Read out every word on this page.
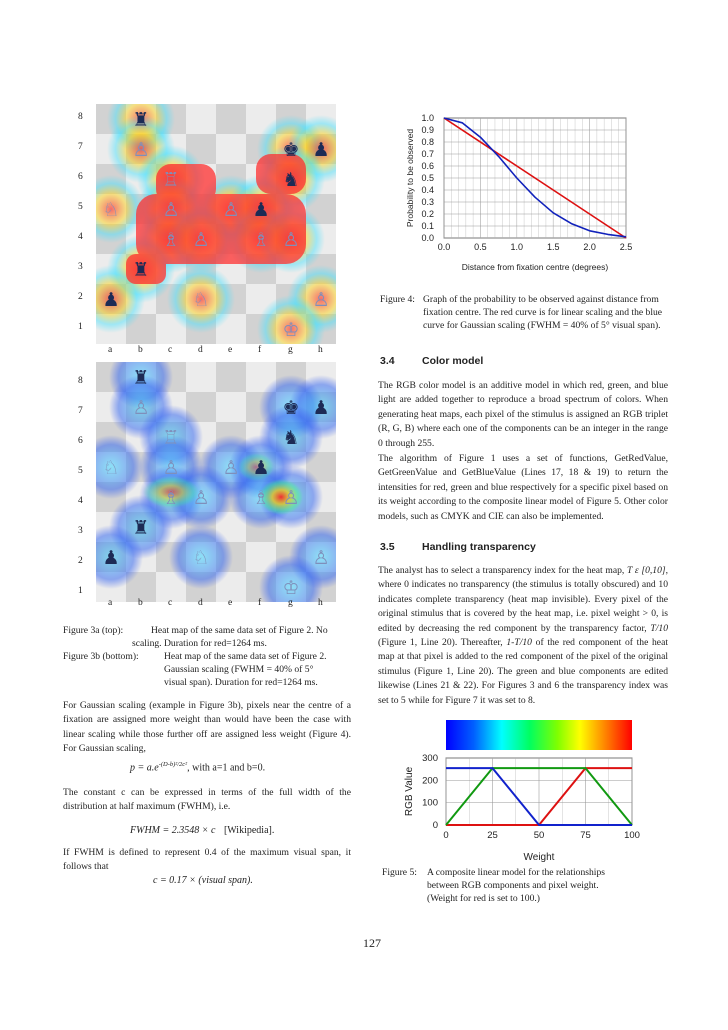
8
7
6
5
4
3
2
1
♜
♙	♚ ♟
♖	♞
♘ ♙ ♙ ♟
♗ ♙ ♗ ♙
♜
♟	♘	♙
♔
a	b	c	d	e	f	g	h
8
7
6
5
4
3
2
1
♜
♙	♚ ♟
♖	♞
♘ ♙ ♙ ♟
♗ ♙ ♗ ♙
♜
♟	♘	♙
♔
a	b	c	d	e	f	g	h
Figure 3a (top):	Heat map of the same data set of Figure 2. No
scaling. Duration for red=1264 ms.
Figure 3b (bottom):	Heat map of the same data set of Figure 2.
Gaussian scaling (FWHM = 40% of 5°
visual span). Duration for red=1264 ms.
For Gaussian scaling (example in Figure 3b), pixels near the centre of a fixation are assigned more weight than would have been the case with linear scaling while those further off are assigned less weight (Figure 4). For Gaussian scaling,
$p = a.e^{-(D-b)^2/2c^2}$, with a=1 and b=0.
The constant c can be expressed in terms of the full width of the distribution at half maximum (FWHM), i.e.
FWHM = 2.3548 × c [Wikipedia].
If FWHM is defined to represent 0.4 of the maximum visual span, it follows that
c = 0.17 × (visual span).
0.0	0.5	1.0	1.5	2.0	2.5
0.0
0.1
0.2
0.3
0.4
0.5
0.6
0.7
0.8
0.9
1.0
Distance from fixation centre (degrees)
Probability to be observed
Figure 4: Graph of the probability to be observed against distance from fixation centre. The red curve is for linear scaling and the blue curve for Gaussian scaling (FWHM = 40% of 5° visual span).
3.4	Color model
The RGB color model is an additive model in which red, green, and blue light are added together to reproduce a broad spectrum of colors. When generating heat maps, each pixel of the stimulus is assigned an RGB triplet (R, G, B) where each one of the components can be an integer in the range 0 through 255.
The algorithm of Figure 1 uses a set of functions, GetRedValue, GetGreenValue and GetBlueValue (Lines 17, 18 & 19) to return the intensities for red, green and blue respectively for a specific pixel based on its weight according to the composite linear model of Figure 5. Other color models, such as CMYK and CIE can also be implemented.
3.5	Handling transparency
The analyst has to select a transparency index for the heat map, T ε [0,10], where 0 indicates no transparency (the stimulus is totally obscured) and 10 indicates complete transparency (heat map invisible). Every pixel of the original stimulus that is covered by the heat map, i.e. pixel weight > 0, is edited by decreasing the red component by the transparency factor, T/10 (Figure 1, Line 20). Thereafter, 1-T/10 of the red component of the heat map at that pixel is added to the red component of the pixel of the original stimulus (Figure 1, Line 20). The green and blue components are edited likewise (Lines 21 & 22). For Figures 3 and 6 the transparency index was set to 5 while for Figure 7 it was set to 8.
0	25	50	75	100
0
100
200
300
Weight
RGB Value
Figure 5: A composite linear model for the relationships
between RGB components and pixel weight.
(Weight for red is set to 100.)
127
